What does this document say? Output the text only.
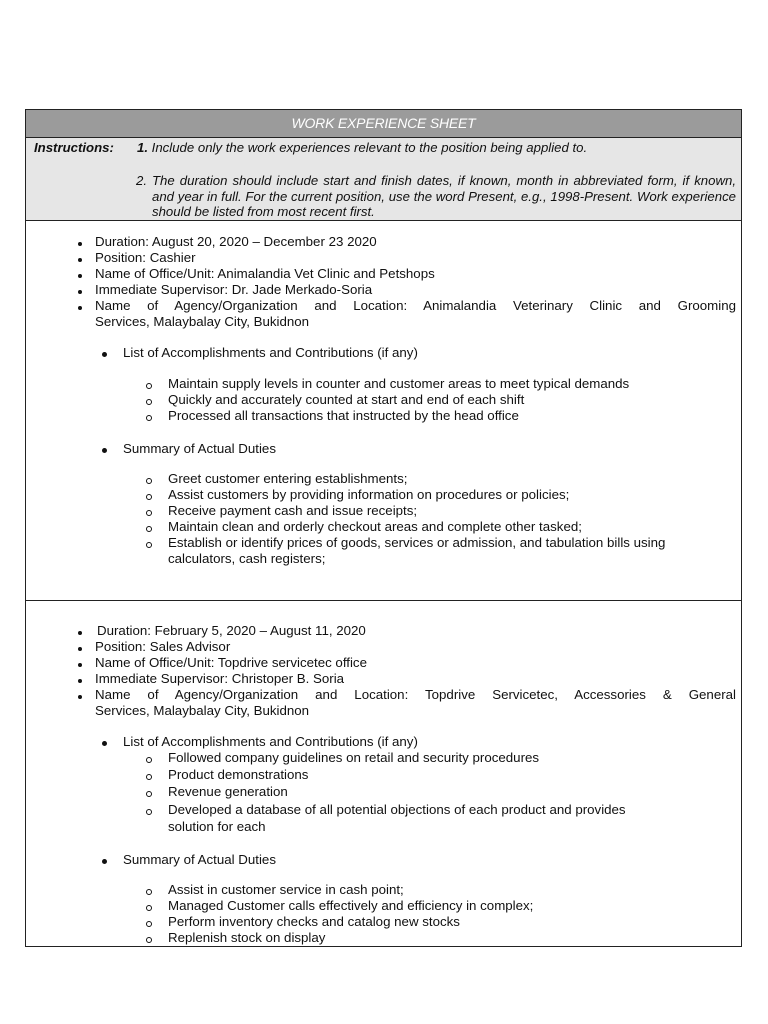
WORK EXPERIENCE SHEET
Instructions: 1. Include only the work experiences relevant to the position being applied to.
2. The duration should include start and finish dates, if known, month in abbreviated form, if known, and year in full. For the current position, use the word Present, e.g., 1998-Present. Work experience should be listed from most recent first.
Duration: August 20, 2020 – December 23 2020
Position: Cashier
Name of Office/Unit: Animalandia Vet Clinic and Petshops
Immediate Supervisor: Dr. Jade Merkado-Soria
Name of Agency/Organization and Location: Animalandia Veterinary Clinic and Grooming
Services, Malaybalay City, Bukidnon
List of Accomplishments and Contributions (if any)
Maintain supply levels in counter and customer areas to meet typical demands
Quickly and accurately counted at start and end of each shift
Processed all transactions that instructed by the head office
Summary of Actual Duties
Greet customer entering establishments;
Assist customers by providing information on procedures or policies;
Receive payment cash and issue receipts;
Maintain clean and orderly checkout areas and complete other tasked;
Establish or identify prices of goods, services or admission, and tabulation bills using
calculators, cash registers;
Duration: February 5, 2020 – August 11, 2020
Position: Sales Advisor
Name of Office/Unit: Topdrive servicetec office
Immediate Supervisor: Christoper B. Soria
Name of Agency/Organization and Location: Topdrive Servicetec, Accessories & General
Services, Malaybalay City, Bukidnon
List of Accomplishments and Contributions (if any)
Followed company guidelines on retail and security procedures
Product demonstrations
Revenue generation
Developed a database of all potential objections of each product and provides
solution for each
Summary of Actual Duties
Assist in customer service in cash point;
Managed Customer calls effectively and efficiency in complex;
Perform inventory checks and catalog new stocks
Replenish stock on display
